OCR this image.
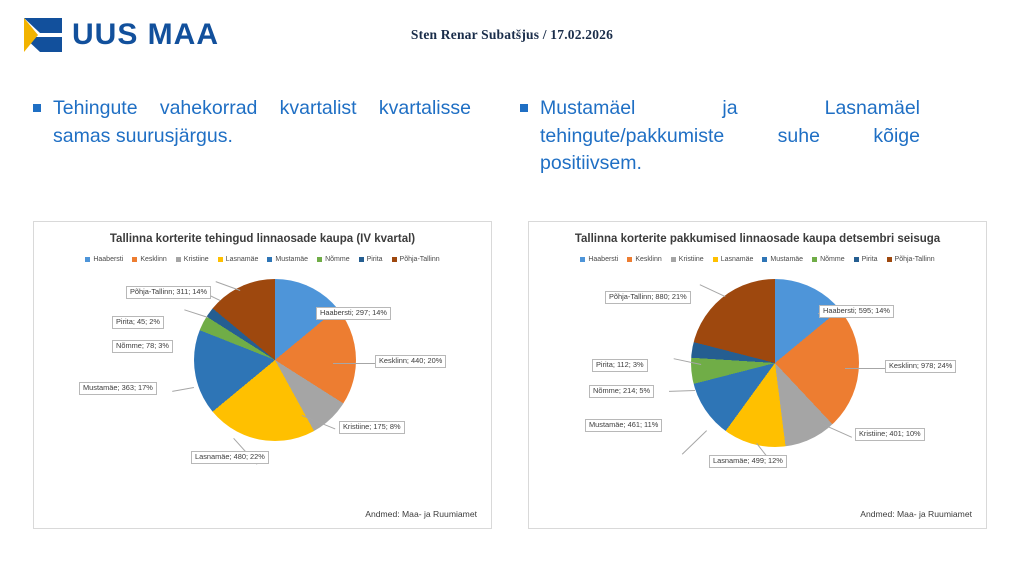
UUS MAA	Sten Renar Subatšjus / 17.02.2026
Tehingute vahekorrad kvartalist kvartalisse samas suurusjärgus.
Mustamäel ja Lasnamäel tehingute/pakkumiste suhe kõige positiivsem.
Tallinna korterite tehingud linnaosade kaupa (IV kvartal)
Haabersti Kesklinn Kristiine Lasnamäe Mustamäe Nõmme Pirita Põhja-Tallinn
Haabersti; 297; 14%
Kesklinn; 440; 20%
Kristiine; 175; 8%
Lasnamäe; 480; 22%
Mustamäe; 363; 17%
Nõmme; 78; 3%
Pirita; 45; 2%
Põhja-Tallinn; 311; 14%
Andmed: Maa- ja Ruumiamet
Tallinna korterite pakkumised linnaosade kaupa detsembri seisuga
Haabersti Kesklinn Kristiine Lasnamäe Mustamäe Nõmme Pirita Põhja-Tallinn
Haabersti; 595; 14%
Kesklinn; 978; 24%
Kristiine; 401; 10%
Lasnamäe; 499; 12%
Mustamäe; 461; 11%
Nõmme; 214; 5%
Pirita; 112; 3%
Põhja-Tallinn; 880; 21%
Andmed: Maa- ja Ruumiamet
